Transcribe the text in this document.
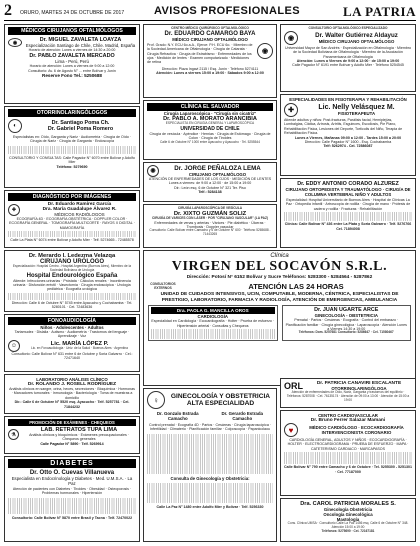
2 ORURO, MARTES 24 DE OCTUBRE DE 2017	AVISOS PROFESIONALES	LA PATRIA
MÉDICOS CIRUJANOS OFTALMÓLOGOS
◉	Dr. MIGUEL ZAVALETA LOAYZA
Especialización Santiago de Chile, Chile. Madrid, España
Horario de atención: Lunes a viernes de 14:30 a 20:00
Dr. PABLO ZAVALETA MERCADO
Lima - Perú, Perú
Horario de atención: Lunes a viernes de 9:00 a 12:00
Consultorio: Av. 6 de Agosto N° ... entre Bolívar y Junín
Reserve Fono Tel.: 5250688
OTORRINOLARINGÓLOGOS
◐	Dr. Santiago Poma Ch.
Dr. Gabriel Poma Romero
Especialistas en: Oído, Garganta y Nariz · Audiometría · Cirugía de Oído · Cirugía de Nariz · Cirugía de Garganta · Endoscopía
CONSULTORIO Y CONSULTAS: Calle Pagador N° 6070 entre Bolívar y Adolfo Mier
Teléfono: 5279690
DIAGNÓSTICO POR IMÁGENES
✚
Dr. Eduardo Ramírez García
Dra. María Guadalupe Álvarez R.
MÉDICOS RADIÓLOGOS
ECOGRAFÍA 4D · ECOGRAFÍA OBSTÉTRICA · DOPPLER COLOR · ECOGRAFÍA GENERAL · TOMOGRAFÍA MULTICORTE · RAYOS X DIGITAL · MAMOGRAFÍA
Calle La Plata N° 6074 entre Bolívar y Adolfo Mier · Telf. 5274665 - 72485578
Dr. Merardo I. Ledezma Velazqa
CIRUJANO URÓLOGO
Especialización: Hospital Centro - Hospital Argentino (Buenos Aires), Miembro de la Sociedad Boliviana de Urología
Hospital Endourológico España
Atiende: Infecciones urinarias · Próstata · Cálculos renales · Incontinencia urinaria · Disfunción eréctil · Vasectomía · Cirugía endoscópica · Urología pediátrica · Ecografía urológica
Dirección: Calle 6 de Octubre N° 5745 entre Ayacucho y Cochabamba · Tel. 5280101 · Cel. 72483636
FONOAUDIOLOGÍA
Niños · Adolescentes · Adultos
Tartamudez · Dislalia · Autismo · Audiometría · Trastornos del lenguaje · Aprendizaje · Voz
☺	Lic. MARÍA LÓPEZ P.
Lic. en Fonoaudiología · Univ. de la Salud · Buenos Aires · Argentina
Consultorio: Calle Bolívar N° 631 entre 6 de Octubre y Soria Galvarro · Cel.: 72471640
LABORATORIO ANÁLISIS CLÍNICO
Dr. ROLANDO J. ROSELL RODRÍGUEZ
Análisis clínicos en sangre, orina, heces, secreciones · Bioquímica · Hormonas · Marcadores tumorales · Inmunología · Bacteriología · Toma de muestras a domicilio
Dir.: Calle 6 de Octubre N° 5520 esq. Ayacucho · Telf. 5257781 · Cel. 71844232
PROMOCIÓN DE EXÁMENES · CHEQUEOS
⚗
LAB. RETRATOS TUPA LIMA
Análisis clínicos y bioquímicos · Exámenes preocupacionales · Chequeos generales
Calle Pagador N° 5890 · Telf. 5269914
DIABETES
Dr. Otto O. Cuevas Villanueva
Especialista en Endocrinología y Diabetes · Med. U.M.S.A. · La Paz
Atención de pacientes con Diabetes · Tiroides · Obesidad · Osteoporosis · Problemas hormonales · Hipertensión
Consultorio: Calle Bolívar N° 5870 entre Brasil y Tacna · Telf. 72470022
CENTRO MÉDICO QUIRÚRGICO OFTALMOLÓGICO
Dr. EDUARDO CAMARGO BAYA
MÉDICO CIRUJANO OFTALMÓLOGO
Prof. Grado: N.Y. ECU 6o.a.A., Ejerce: P.H. ECU 6o. · Miembro de la Sociedad Americana de Oftalmología · Cirugía de Catarata · Cirugía Refractiva · Cirugía de Estrabismo · Enfermedades de los ojos · Medición de lentes · Examen computarizado · Mediciones de retina
◉
Dirección: Plaza Ingavi 2115 / Esq. Junín · Teléfono 5274111
Atención: Lunes a viernes 15:00 a 19:00 · Sábados 9:00 a 12:00
CLÍNICA EL SALVADOR
Cirugía Laparoscópica · "Cirugía sin cicatriz"
Dr. PABLO A. MORATO ARANCIBIA
ESPECIALISTA EN CIRUGÍA GENERAL Y LAPAROSCÓPICA
UNIVERSIDAD DE CHILE
Cirugía de vesícula · Apéndice · Hernias · Cirugía de Estómago · Cirugía de Colon · Cirugía de Tiroides
Calle 6 de Octubre N° 1000 entre Ayacucho y Ayacucho · Tel. 5255544
◉	Dr. JORGE PEÑALOZA LEMA
CIRUJANO OFTALMÓLOGO
ATENCIÓN DE ENFERMEDADES DE LOS OJOS · MEDICIÓN DE LENTES
Lunes a viernes: de 9:00 a 12:00 · de 15:00 a 19:00
Dir.: León esq. 6 de Octubre N° 321 Ter. Piso
Telf.: 5284138
CIRUGÍA LAPAROSCÓPICA DE VESÍCULA
Dr. XIXTO GUZMÁN SOLIZ
CIRUGÍA DE VARICES CON LÁSER · POR "CIRUJANO VASCULAR" (LA PAZ)
Enfermedades de venas y arterias · Várices · Pie diabético · Úlceras · Trombosis · Doppler vascular
Consultorio: Calle Bolívar entre Camacho y 6 de Octubre N° 600 · Teléfono 5265688 - 71443265
CONSULTORIO OFTALMOLÓGICO ESPECIALIZADO
◉	Dr. Walter Gutiérrez Aldayuz
MÉDICO CIRUJANO OFTALMÓLOGO
Universidad Mayor de San Andrés · Especialización en Oftalmología · Miembro de la Sociedad Boliviana de Oftalmología · Miembro de la Asociación Panamericana de Oftalmología
Atención: Lunes a Viernes de 9:00 a 12:00 · de 15:00 a 19:00
Calle Pagador N° 6191 entre Bolívar y Adolfo Mier · Teléfono 5254545
ESPECIALIDADES EN FISIOTERAPIA Y REHABILITACIÓN
✚	Lic. Nelly Velásquez M.
FISIOTERAPEUTA
Atiende adultos y niños: Post-fracturas, Parálisis facial, Hemiplejías, Lumbalgias, Ciática, Artrosis, Artritis, Esguinces, Escoliosis, Pie Plano, Rehabilitación Física, Lesiones del Deporte, Tortícolis del Niño, Terapia de Rehabilitación Física.
Lunes a Viernes, Mañanas 09:00 a 12:00 - Tardes 15:00 a 20:00
Dirección: Calle Pagador N° 1600 - Esq. Cochabamba
Telf: 5262974 - Cel. 72586087
Dr. EDDY ANTONIO CORADO ALZUREZ
CIRUJANO ORTOPEDISTA Y TRAUMATÓLOGO · CIRUGÍA DE COLUMNA VERTEBRAL NIÑO Y ADULTOS
Especialidad: Hospital Universitario de Buenos Aires · Hospital de Clínicas La Paz · Ortopedia infantil · Artroscopía de rodilla · Cirugía de mano · Prótesis de cadera y rodilla · Fracturas · Rehabilitación
Clínica: Calle Bolívar N° 436 entre La Plata y Soria Galvarro · Telf. 5276766 Cel. 71894008
Clínica
VIRGEN DEL SOCAVÓN S.R.L.
Dirección: Potosí N° 6152 Bolívar y Sucre Teléfonos: 5283300 - 5284564 - 5287862
CONSULTORIOS EXTERNOS	ATENCIÓN LAS 24 HORAS
UNIDAD DE CUIDADOS INTENSIVOS, UCIN, COMPUTABLE, MODERNA, CÉNTRICA, ESPECIALISTAS DE PRESTIGIO, LABORATORIO, FARMACIA Y RADIOLOGÍA, ATENCIÓN DE EMERGENCIAS, AMBULANCIA
Dra. PAOLA G. MANCILLA OROS
CARDIOLOGÍA
Especialidad en Cardiología · Ecocardiografía · Holter · Prueba de esfuerzo · Hipertensión arterial · Consultas y Chequeos
Dr. JUAN UGARTE ARCE
GINECOLOGÍA - OBSTETRICIA
Prenatal · Partos · Cesáreas · Ecografía · Control del embarazo · Planificación familiar · Cirugía ginecológica · Laparoscopía · Atención Lunes a Viernes 14:30 a 19:00
Teléfonos: Dom. 5257681 Consultorio: 5286647 · Cel. 71580467
ORL	Dr. PATRICIA CANAVIRI ESCALANTE
OTORRINOLARINGÓLOGA
Atención de enfermedades de Oído, Nariz, Garganta y trastornos del equilibrio · Teléfonos: 5287008 · Cel. 76135174 · Atención de 09:00 a 13:00 · Atención de 15:00 a 19:00
♀	GINECOLOGÍA Y OBSTETRICIA ALTA ESPECIALIDAD
Dr. Gonzalo Estrada Camacho
Dr. Gerardo Estrada Camacho
Control prenatal · Ecografía 4D · Partos · Cesáreas · Cirugía laparoscópica · Infertilidad · Climaterio · Planificación familiar · Colposcopía · Papanicolaou
Consulta de Ginecología y Obstetricia:
Calle La Paz N° 1480 entre Adolfo Mier y Bolívar · Telf. 5256330
CENTRO CARDIOVASCULAR
Dr. Bruno Ferrer Salazar Mamani
♥	MÉDICO CARDIÓLOGO · ECOCARDIOGRAFÍA INTERVENCIONISTA CORONARIO
CARDIOLOGÍA GENERAL, ADULTOS Y NIÑOS · ECOCARDIOGRAFÍA · HOLTER · ELECTROCARDIOGRAMA · PRUEBA DE ESFUERZO · MAPA · CATETERISMO CARDIACO · MARCAPASOS
Calle Bolívar N° 790 entre Camacho y 6 de Octubre · Tel. 5255300 - 5251301 · Cel. 77187000
Dra. CAROL PATRICIA MORALES S.
Ginecología Obstetricia
Oncología Ginecológica
Mastología
Cons. Clínica UMSA · Consultorio Calle La Paz 1456 esq. Calle 6 de Octubre N° 348. Atención 15:00 a 19:00
Teléfonos: 5275690 · Cel. 72167181
